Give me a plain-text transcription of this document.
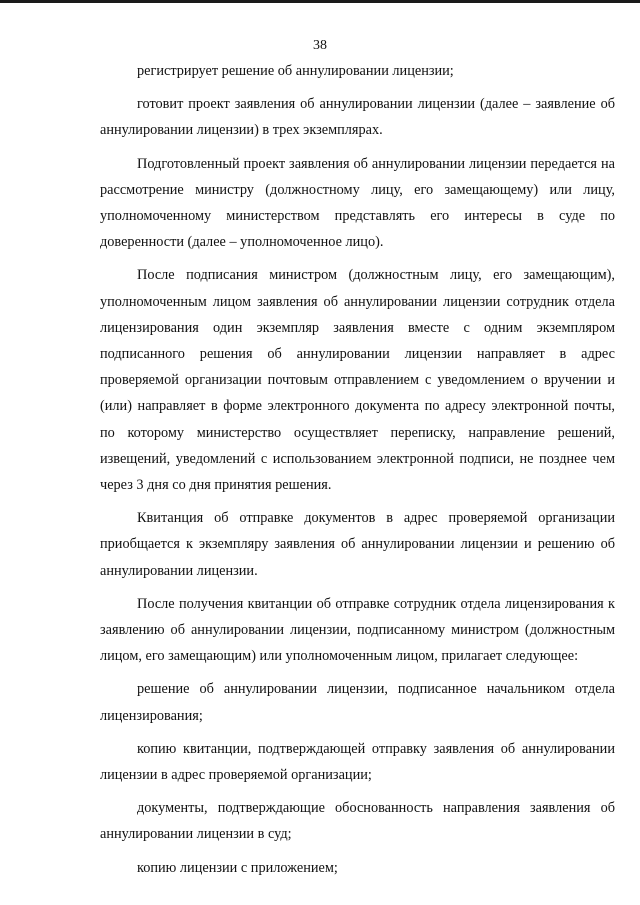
38

регистрирует решение об аннулировании лицензии;

готовит проект заявления об аннулировании лицензии (далее – заявление об аннулировании лицензии) в трех экземплярах.

Подготовленный проект заявления об аннулировании лицензии передается на рассмотрение министру (должностному лицу, его замещающему) или лицу, уполномоченному министерством представлять его интересы в суде по доверенности (далее – уполномоченное лицо).

После подписания министром (должностным лицу, его замещающим), уполномоченным лицом заявления об аннулировании лицензии сотрудник отдела лицензирования один экземпляр заявления вместе с одним экземпляром подписанного решения об аннулировании лицензии направляет в адрес проверяемой организации почтовым отправлением с уведомлением о вручении и (или) направляет в форме электронного документа по адресу электронной почты, по которому министерство осуществляет переписку, направление решений, извещений, уведомлений с использованием электронной подписи, не позднее чем через 3 дня со дня принятия решения.

Квитанция об отправке документов в адрес проверяемой организации приобщается к экземпляру заявления об аннулировании лицензии и решению об аннулировании лицензии.

После получения квитанции об отправке сотрудник отдела лицензирования к заявлению об аннулировании лицензии, подписанному министром (должностным лицом, его замещающим) или уполномоченным лицом, прилагает следующее:

решение об аннулировании лицензии, подписанное начальником отдела лицензирования;

копию квитанции, подтверждающей отправку заявления об аннулировании лицензии в адрес проверяемой организации;

документы, подтверждающие обоснованность направления заявления об аннулировании лицензии в суд;

копию лицензии с приложением;
